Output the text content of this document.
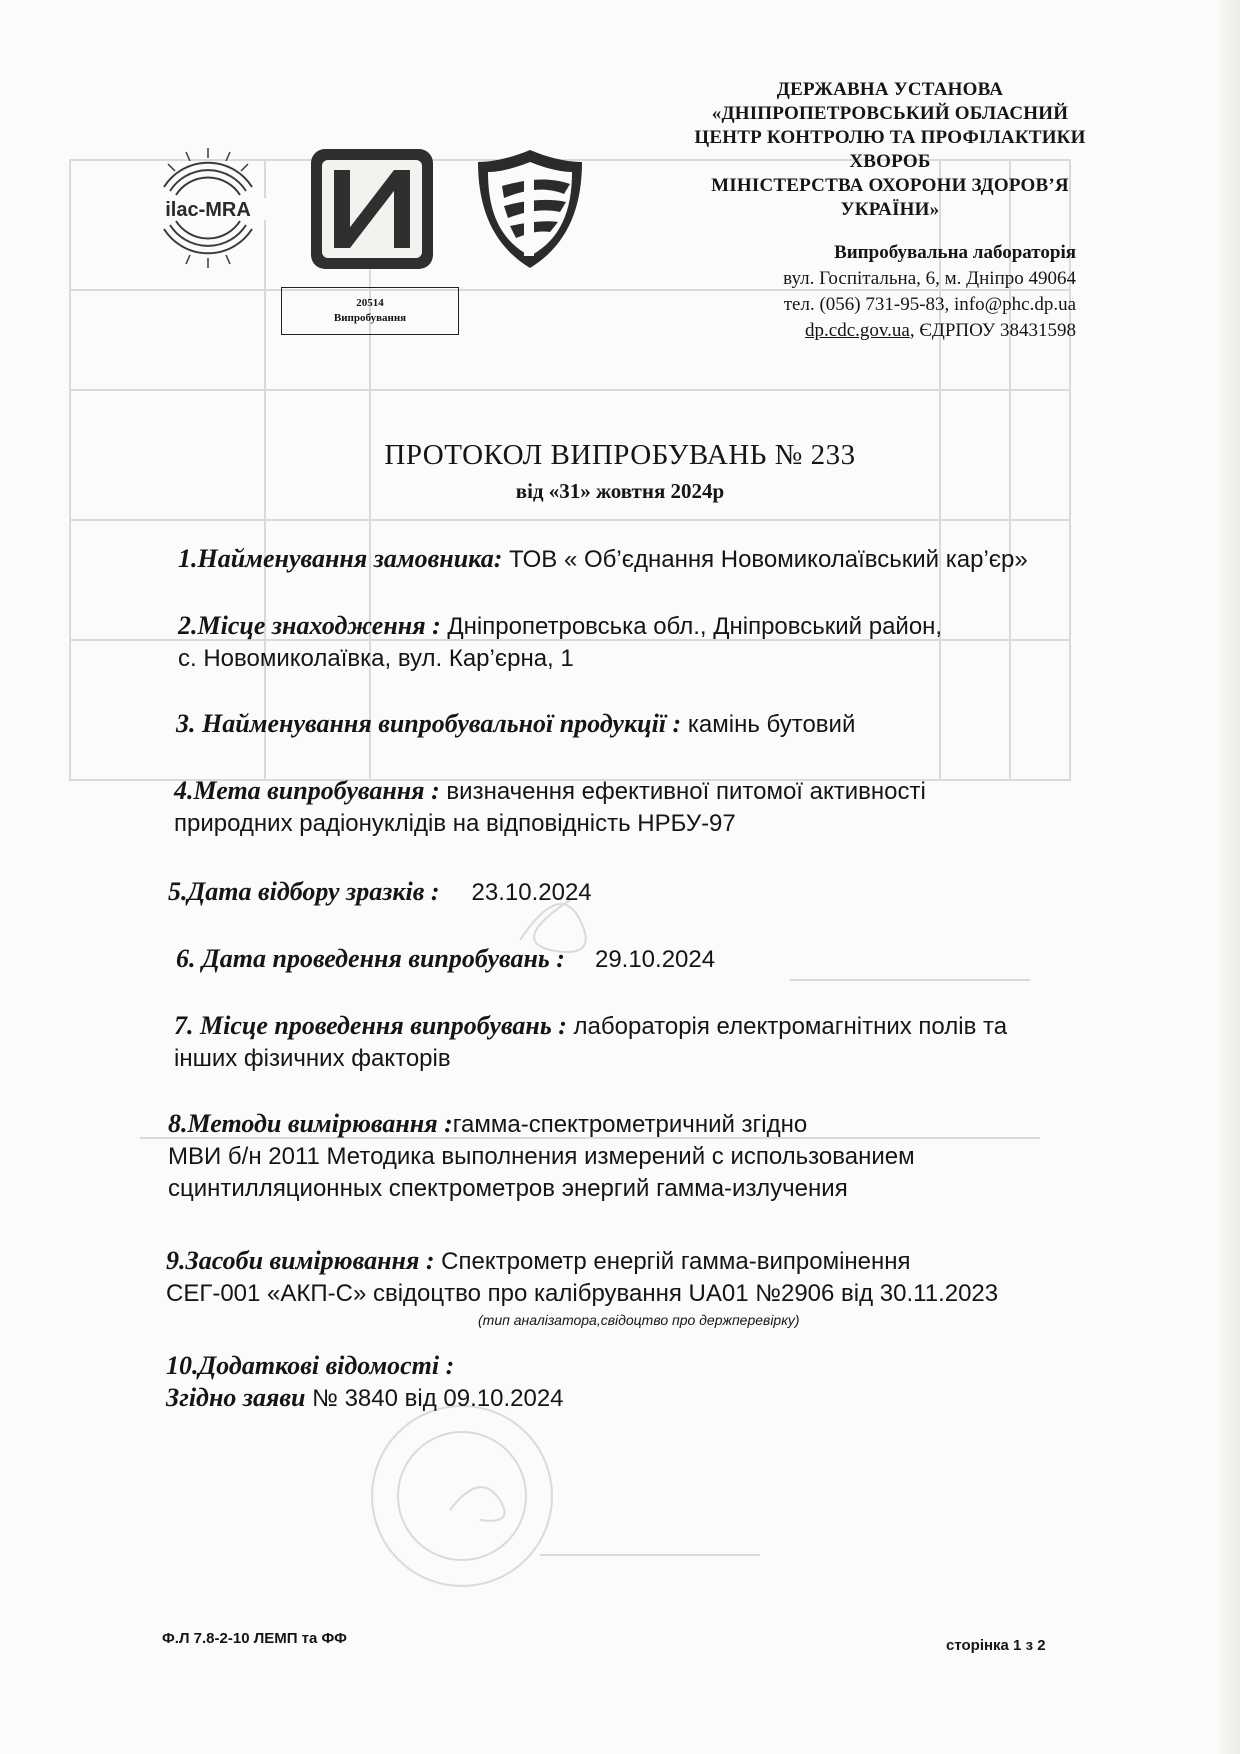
ilac-MRA
20514
Випробування
ДЕРЖАВНА УСТАНОВА
«ДНІПРОПЕТРОВСЬКИЙ ОБЛАСНИЙ
ЦЕНТР КОНТРОЛЮ ТА ПРОФІЛАКТИКИ
ХВОРОБ
МІНІСТЕРСТВА ОХОРОНИ ЗДОРОВ’Я
УКРАЇНИ»
Випробувальна лабораторія
вул. Госпітальна, 6, м. Дніпро 49064
тел. (056) 731-95-83, info@phc.dp.ua
dp.cdc.gov.ua, ЄДРПОУ 38431598
ПРОТОКОЛ ВИПРОБУВАНЬ № 233
від «31» жовтня 2024р
1.Найменування замовника: ТОВ « Об’єднання Новомиколаївський кар’єр»
2.Місце знаходження : Дніпропетровська обл., Дніпровський район,
с. Новомиколаївка, вул. Кар’єрна, 1
3. Найменування випробувальної продукції : камінь бутовий
4.Мета випробування : визначення ефективної питомої активності
природних радіонуклідів на відповідність НРБУ-97
5.Дата відбору зразків : 23.10.2024
6. Дата проведення випробувань : 29.10.2024
7. Місце проведення випробувань : лабораторія електромагнітних полів та
інших фізичних факторів
8.Методи вимірювання :гамма-спектрометричний згідно
МВИ б/н 2011 Методика выполнения измерений с использованием
сцинтилляционных спектрометров энергий гамма-излучения
9.Засоби вимірювання : Спектрометр енергій гамма-випромінення
СЕГ-001 «АКП-С» свідоцтво про калібрування UA01 №2906 від 30.11.2023
(тип аналізатора,свідоцтво про держперевірку)
10.Додаткові відомості :
Згідно заяви № 3840 від 09.10.2024
Ф.Л 7.8-2-10 ЛЕМП та ФФ	сторінка 1 з 2
